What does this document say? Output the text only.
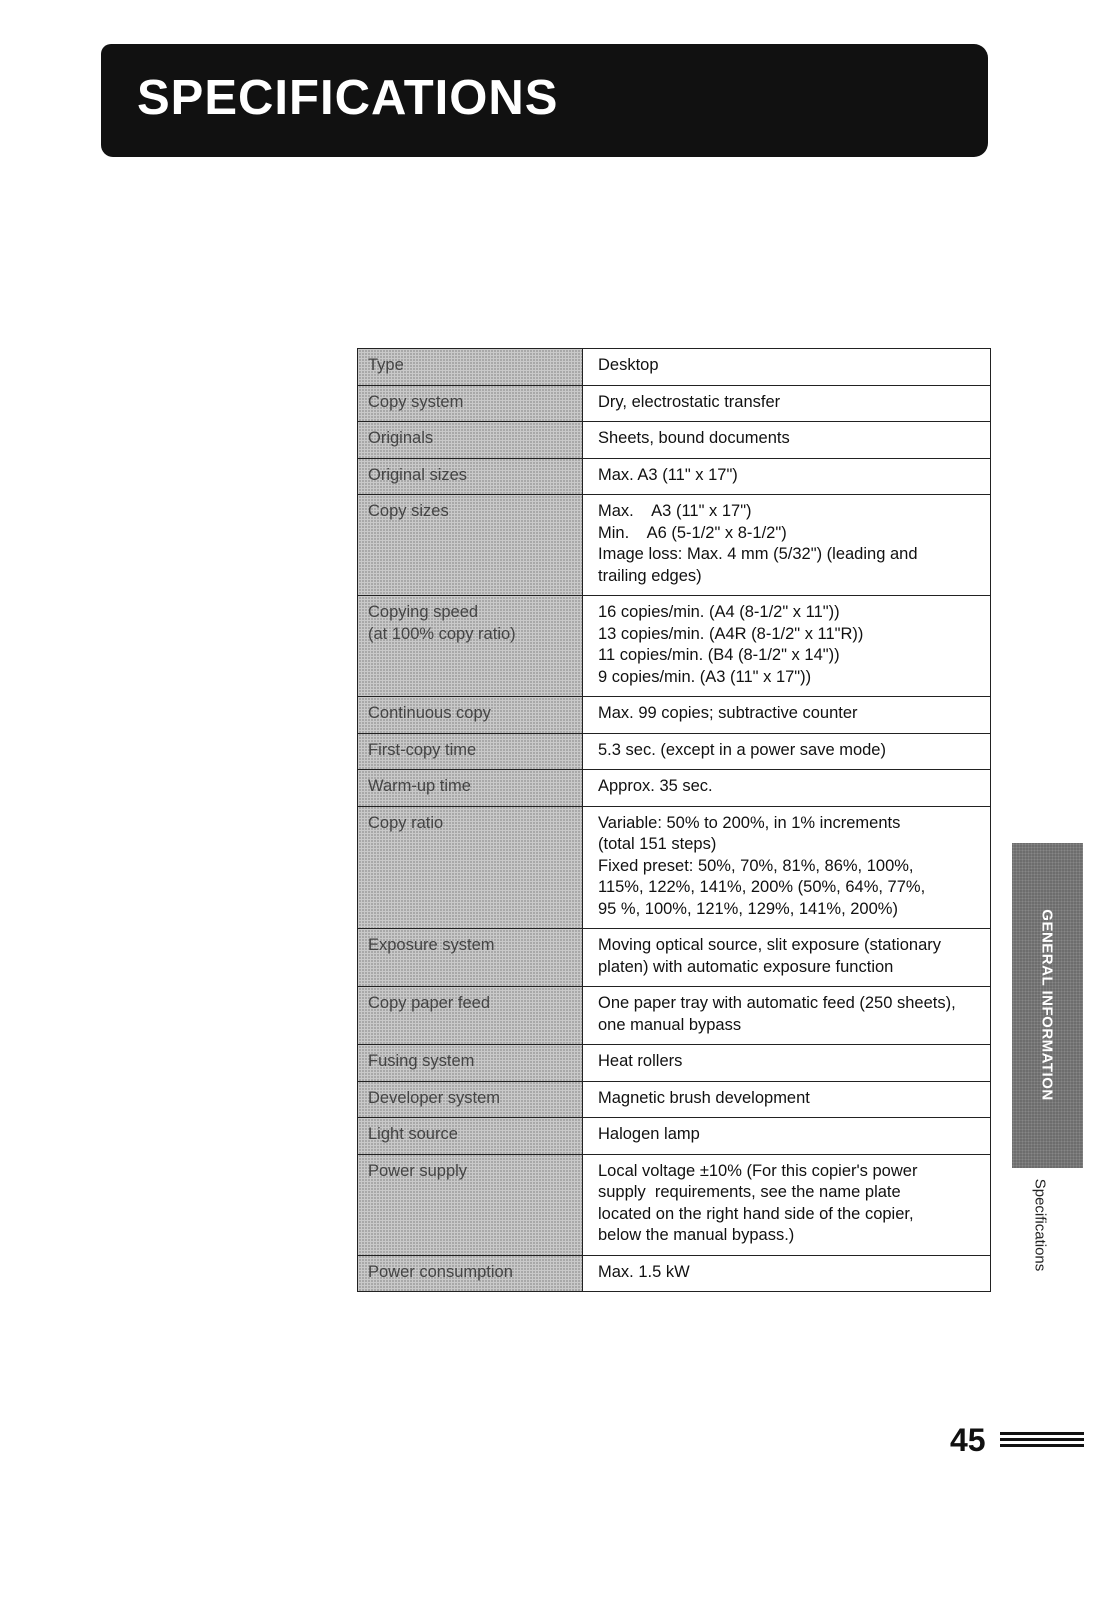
SPECIFICATIONS
Type	Desktop

Copy system	Dry, electrostatic transfer

Originals	Sheets, bound documents

Original sizes	Max. A3 (11" x 17")

Copy sizes	Max.    A3 (11" x 17")
Min.    A6 (5-1/2" x 8-1/2")
Image loss: Max. 4 mm (5/32") (leading and
trailing edges)

Copying speed
(at 100% copy ratio)	16 copies/min. (A4 (8-1/2" x 11"))
13 copies/min. (A4R (8-1/2" x 11"R))
11 copies/min. (B4 (8-1/2" x 14"))
9 copies/min. (A3 (11" x 17"))

Continuous copy	Max. 99 copies; subtractive counter

First-copy time	5.3 sec. (except in a power save mode)

Warm-up time	Approx. 35 sec.

Copy ratio	Variable: 50% to 200%, in 1% increments
(total 151 steps)
Fixed preset: 50%, 70%, 81%, 86%, 100%,
115%, 122%, 141%, 200% (50%, 64%, 77%,
95 %, 100%, 121%, 129%, 141%, 200%)

Exposure system	Moving optical source, slit exposure (stationary
platen) with automatic exposure function

Copy paper feed	One paper tray with automatic feed (250 sheets),
one manual bypass

Fusing system	Heat rollers

Developer system	Magnetic brush development

Light source	Halogen lamp

Power supply	Local voltage ±10% (For this copier's power
supply  requirements, see the name plate
located on the right hand side of the copier,
below the manual bypass.)

Power consumption	Max. 1.5 kW
GENERAL INFORMATION
Specifications
45
